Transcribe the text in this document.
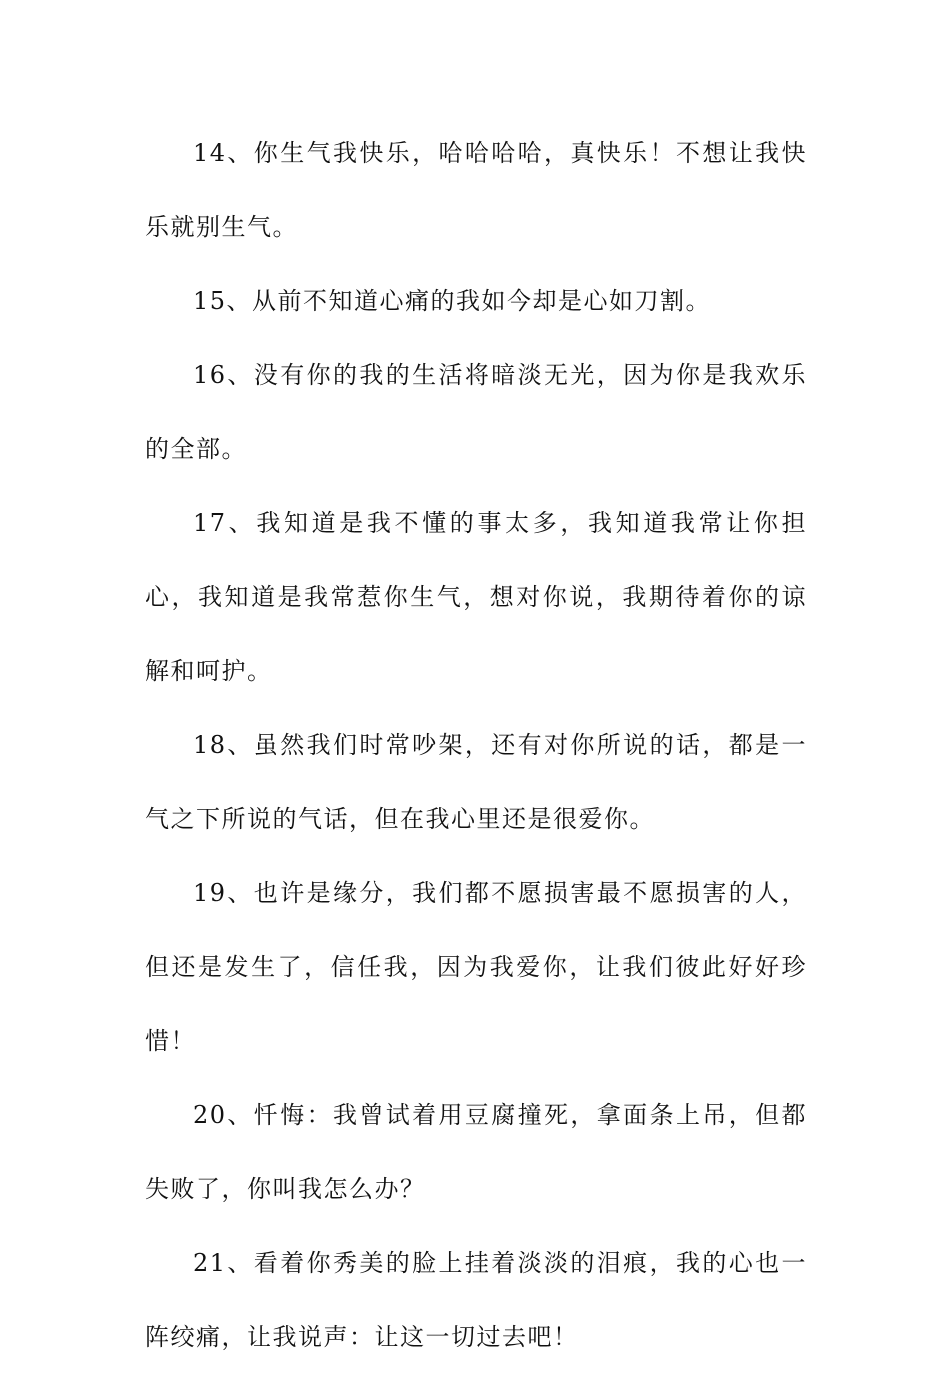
14、你生气我快乐，哈哈哈哈，真快乐！不想让我快乐就别生气。

15、从前不知道心痛的我如今却是心如刀割。

16、没有你的我的生活将暗淡无光，因为你是我欢乐的全部。

17、我知道是我不懂的事太多，我知道我常让你担心，我知道是我常惹你生气，想对你说，我期待着你的谅解和呵护。

18、虽然我们时常吵架，还有对你所说的话，都是一气之下所说的气话，但在我心里还是很爱你。

19、也许是缘分，我们都不愿损害最不愿损害的人，但还是发生了，信任我，因为我爱你，让我们彼此好好珍惜！

20、忏悔：我曾试着用豆腐撞死，拿面条上吊，但都失败了，你叫我怎么办？

21、看着你秀美的脸上挂着淡淡的泪痕，我的心也一阵绞痛，让我说声：让这一切过去吧！
